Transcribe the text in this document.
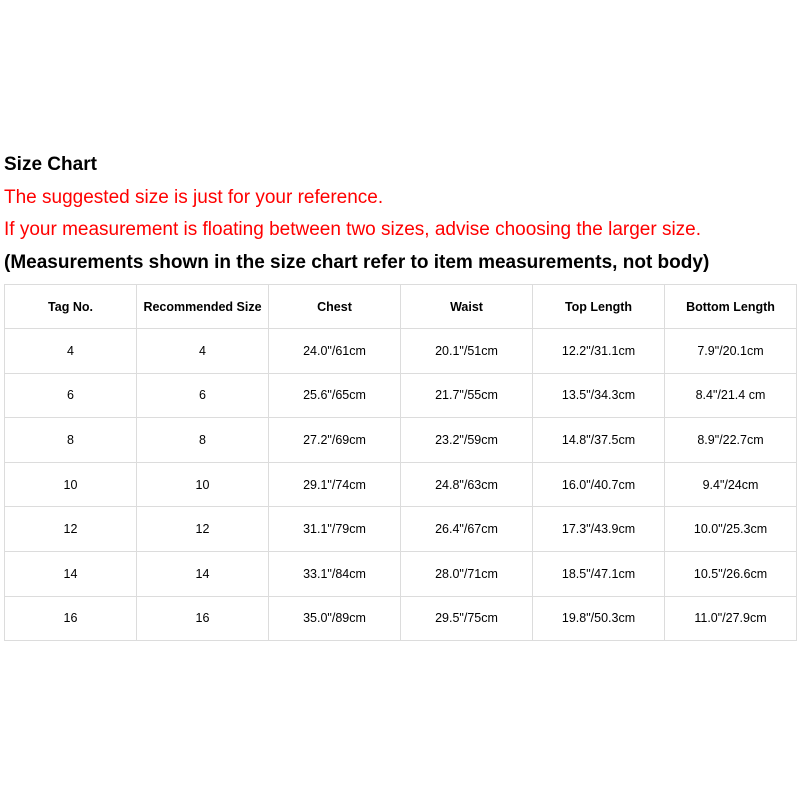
Size Chart
The suggested size is just for your reference.
If your measurement is floating between two sizes, advise choosing the larger size.
(Measurements shown in the size chart refer to item measurements, not body)
Tag No.	Recommended Size	Chest	Waist	Top Length	Bottom Length
4	4	24.0"/61cm	20.1"/51cm	12.2"/31.1cm	7.9"/20.1cm
6	6	25.6"/65cm	21.7"/55cm	13.5"/34.3cm	8.4"/21.4 cm
8	8	27.2"/69cm	23.2"/59cm	14.8"/37.5cm	8.9"/22.7cm
10	10	29.1"/74cm	24.8"/63cm	16.0"/40.7cm	9.4"/24cm
12	12	31.1"/79cm	26.4"/67cm	17.3"/43.9cm	10.0"/25.3cm
14	14	33.1"/84cm	28.0"/71cm	18.5"/47.1cm	10.5"/26.6cm
16	16	35.0"/89cm	29.5"/75cm	19.8"/50.3cm	11.0"/27.9cm
